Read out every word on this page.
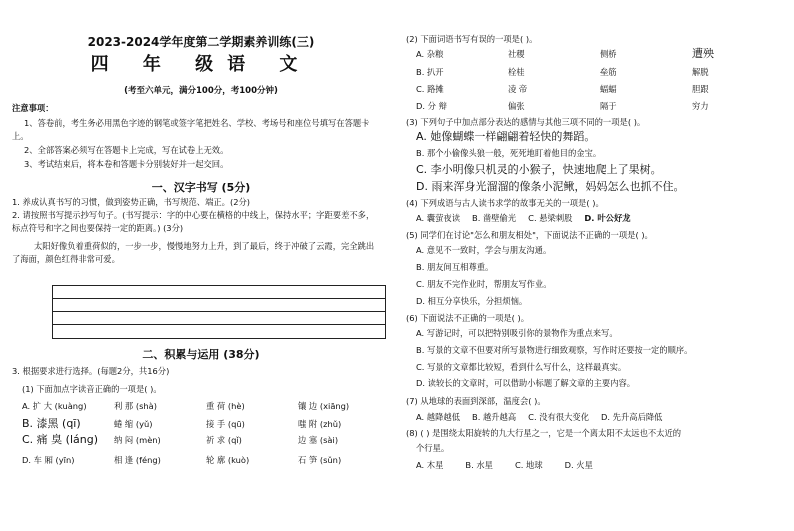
2023-2024学年度第二学期素养训练(三)
四 年 级语 文
(考至六单元，满分100分，考100分钟)
注意事项：
1、答卷前，考生务必用黑色字迹的钢笔或签字笔把姓名、学校、考场号和座位号填写在答题卡上。
2、全部答案必须写在答题卡上完成，写在试卷上无效。
3、考试结束后，将本卷和答题卡分别装好并一起交回。
一、汉字书写 (5分)
1. 养成认真书写的习惯，做到姿势正确，书写规范、端正。(2分)
2. 请按照书写提示抄写句子。(书写提示：字的中心要在横格的中线上，保持水平；字距要差不多，标点符号和字之间也要保持一定的距离。) (3分)
太阳好像负着重荷似的，一步一步，慢慢地努力上升，到了最后，终于冲破了云霞，完全跳出了海面，颜色红得非常可爱。
二、积累与运用 (38分)
3. 根据要求进行选择。(每题2分，共16分)
(1) 下面加点字读音正确的一项是( )。
A. 扩 大 (kuàng)	利 那 (shà)	重 荷 (hè)	镶 边 (xiāng)
B. 漆黑 (qī)	蜷 缩 (yǔ)	接 手 (qū)	嗤 附 (zhǔ)
C. 痛 臭 (láng) 纳 闷 (mèn)	祈 求 (qǐ)	边 塞 (sài)
D. 车 厢 (yīn)	相 逢 (féng)	轮 廓 (kuò)	石 笋 (sǔn)
(2) 下面词语书写有误的一项是( )。
A. 杂粮	社稷	侧桥	遭殃
B. 扒开	栓桂	垒筋	解脱
C. 路摊	凌 帝	蝠蝠	胆跟
D. 分 辩	偏张	隔于	穷力
(3) 下列句子中加点部分表达的感情与其他三项不同的一项是( )。
A. 她像蝴蝶一样翩翩着轻快的舞蹈。
B. 那个小偷像头狼一般，死死地盯着他目的金宝。
C. 李小明像只机灵的小猴子，快速地爬上了果树。
D. 雨来浑身光溜溜的像条小泥鳅，妈妈怎么也抓不住。
(4) 下列成语与古人读书求学的故事无关的一项是( )。
A. 囊萤夜读 B. 凿壁偷光 C. 悬梁刺股 D. 叶公好龙
(5) 同学们在讨论"怎么和朋友相处"，下面说法不正确的一项是( )。
A. 意见不一致时，学会与朋友沟通。
B. 朋友间互相尊重。
C. 朋友不完作业时，帮朋友写作业。
D. 相互分享快乐，分担烦恼。
(6) 下面说法不正确的一项是( )。
A. 写游记时，可以把特别吸引你的景物作为重点来写。
B. 写景的文章不但要对所写景物进行细致观察，写作时还要按一定的顺序。
C. 写景的文章都比较短，看到什么写什么，这样最真实。
D. 读较长的文章时，可以借助小标题了解文章的主要内容。
(7) 从地球的表面到深部，温度会( )。
A. 越降越低 B. 越升越高 C. 没有很大变化 D. 先升高后降低
(8) ( ) 是围绕太阳旋转的九大行星之一，它是一个离太阳不太远也不太近的
个行星。
A. 木星	B. 水星	C. 地球	D. 火星
